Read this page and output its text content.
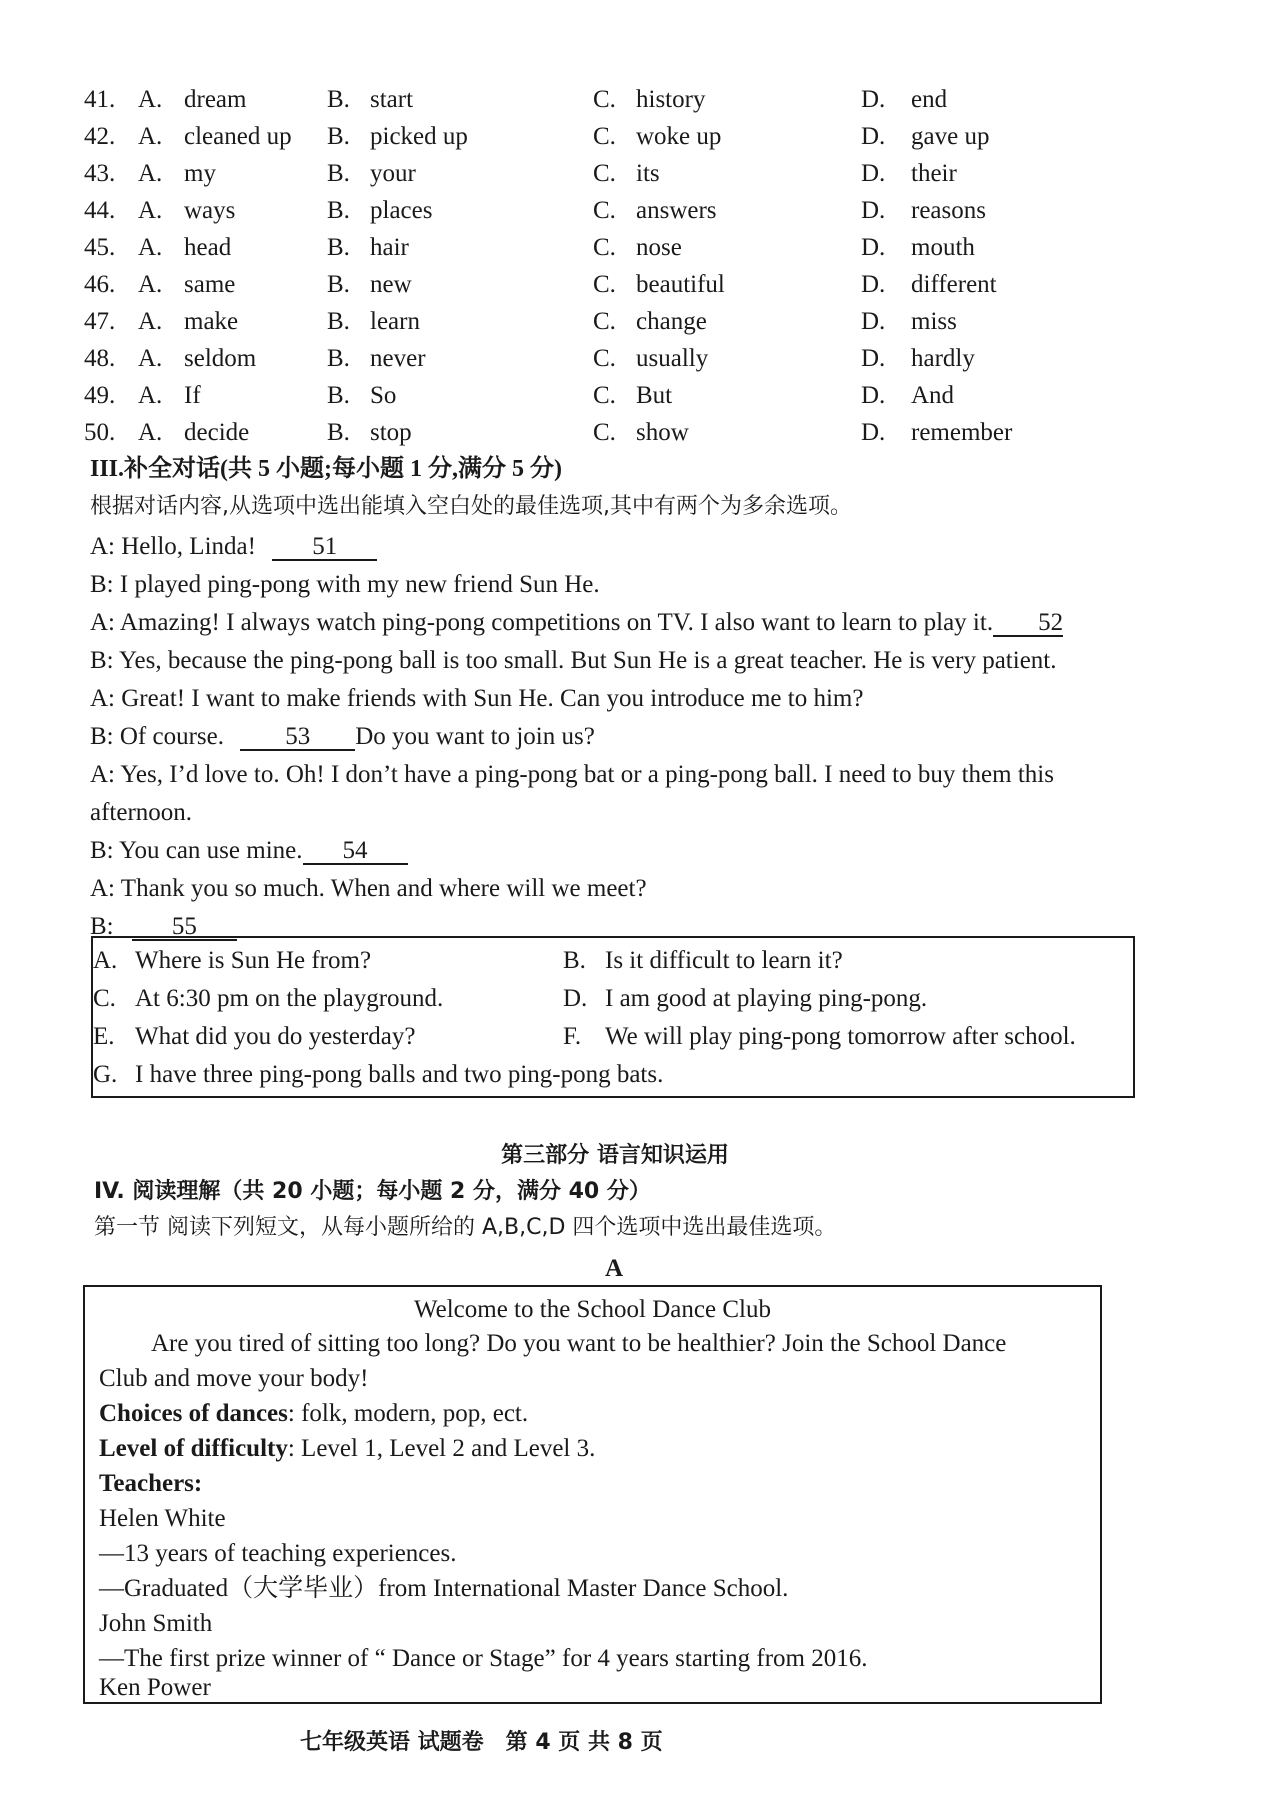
41. A. dream	B. start	C. history	D. end
42. A. cleaned up B. picked up	C. woke up	D. gave up
43. A. my	B. your	C. its	D. their
44. A. ways	B. places	C. answers	D. reasons
45. A. head	B. hair	C. nose	D. mouth
46. A. same	B. new	C. beautiful	D. different
47. A. make	B. learn	C. change	D. miss
48. A. seldom	B. never	C. usually	D. hardly
49. A. If	B. So	C. But	D. And
50. A. decide	B. stop	C. show	D. remember
III.补全对话(共 5 小题;每小题 1 分,满分 5 分)
根据对话内容,从选项中选出能填入空白处的最佳选项,其中有两个为多余选项。
A: Hello, Linda! 51
B: I played ping-pong with my new friend Sun He.
A: Amazing! I always watch ping-pong competitions on TV. I also want to learn to play it. 52
B: Yes, because the ping-pong ball is too small. But Sun He is a great teacher. He is very patient.
A: Great! I want to make friends with Sun He. Can you introduce me to him?
B: Of course. 53 Do you want to join us?
A: Yes, I’d love to. Oh! I don’t have a ping-pong bat or a ping-pong ball. I need to buy them this
afternoon.
B: You can use mine. 54
A: Thank you so much. When and where will we meet?
B: 55
A. Where is Sun He from?	B. Is it difficult to learn it?
C. At 6:30 pm on the playground.	D. I am good at playing ping-pong.
E. What did you do yesterday?	F. We will play ping-pong tomorrow after school.
G. I have three ping-pong balls and two ping-pong bats.
第三部分 语言知识运用
IV. 阅读理解（共 20 小题；每小题 2 分，满分 40 分）
第一节 阅读下列短文，从每小题所给的 A,B,C,D 四个选项中选出最佳选项。
A
Welcome to the School Dance Club
Are you tired of sitting too long? Do you want to be healthier? Join the School Dance
Club and move your body!
Choices of dances: folk, modern, pop, ect.
Level of difficulty: Level 1, Level 2 and Level 3.
Teachers:
Helen White
—13 years of teaching experiences.
—Graduated（大学毕业）from International Master Dance School.
John Smith
—The first prize winner of “ Dance or Stage” for 4 years starting from 2016.
Ken Power
七年级英语 试题卷　第 4 页 共 8 页
